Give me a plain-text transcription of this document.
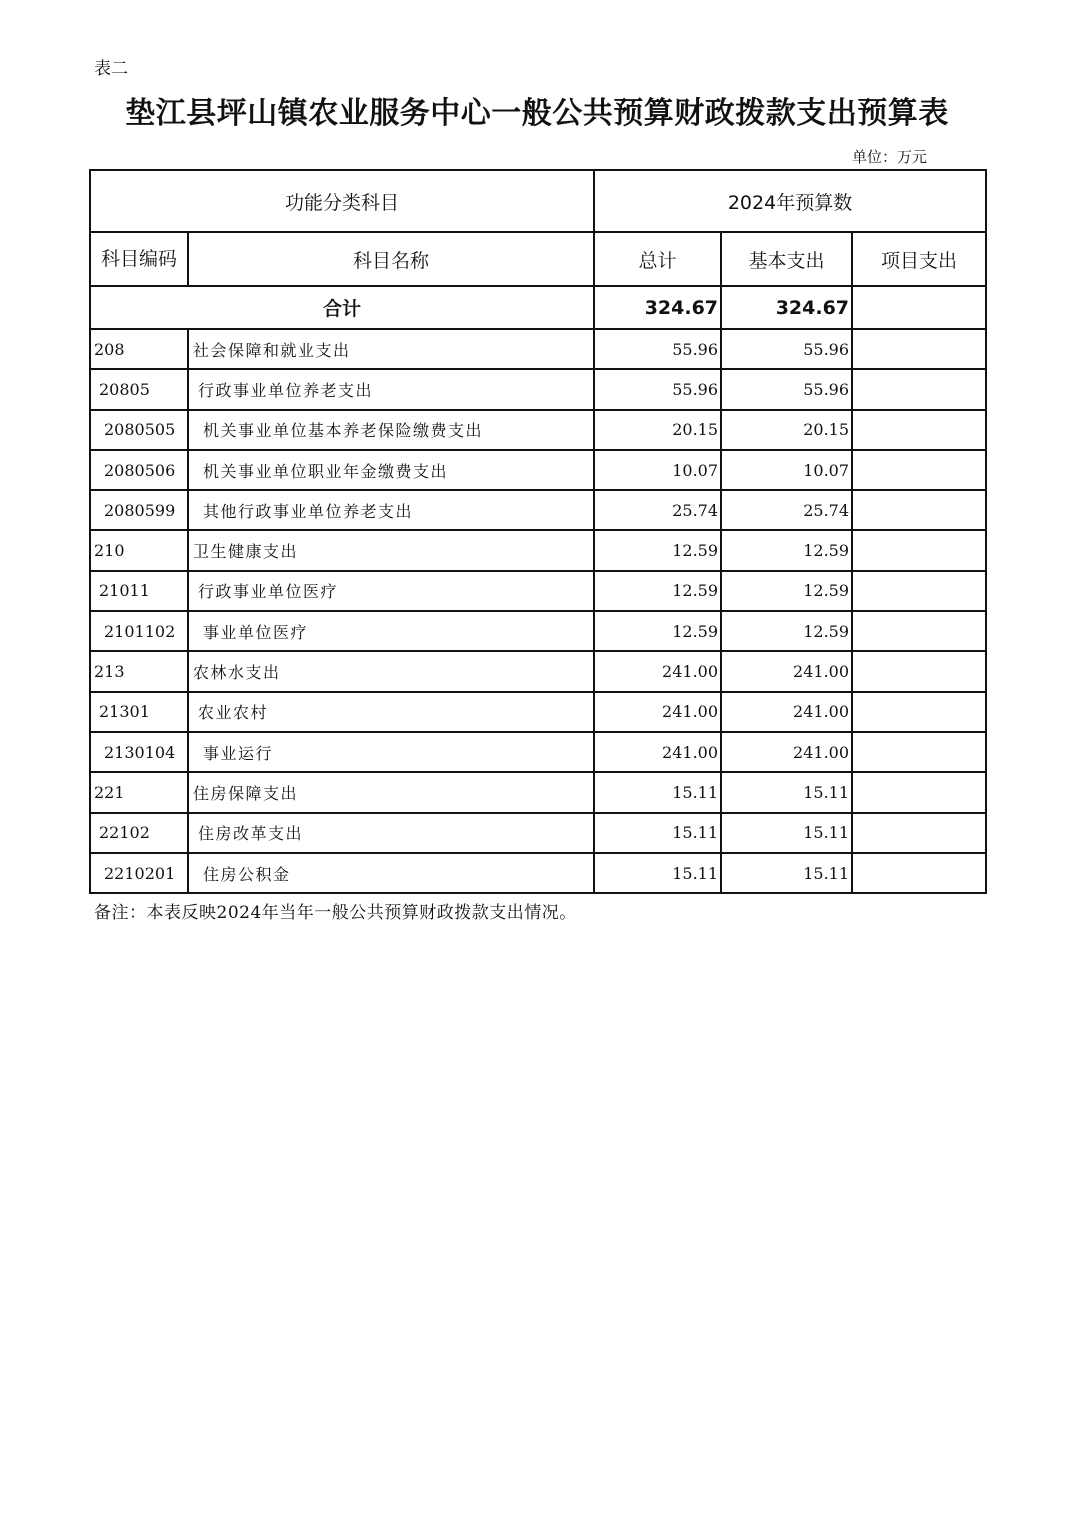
表二
垫江县坪山镇农业服务中心一般公共预算财政拨款支出预算表
单位：万元
功能分类科目		2024年预算数		
科目编码	科目名称	总计	基本支出	项目支出
合计		324.67	324.67	
208	社会保障和就业支出	55.96	55.96	
20805	行政事业单位养老支出	55.96	55.96	
2080505	机关事业单位基本养老保险缴费支出	20.15	20.15	
2080506	机关事业单位职业年金缴费支出	10.07	10.07	
2080599	其他行政事业单位养老支出	25.74	25.74	
210	卫生健康支出	12.59	12.59	
21011	行政事业单位医疗	12.59	12.59	
2101102	事业单位医疗	12.59	12.59	
213	农林水支出	241.00	241.00	
21301	农业农村	241.00	241.00	
2130104	事业运行	241.00	241.00	
221	住房保障支出	15.11	15.11	
22102	住房改革支出	15.11	15.11	
2210201	住房公积金	15.11	15.11	
备注：本表反映2024年当年一般公共预算财政拨款支出情况。
